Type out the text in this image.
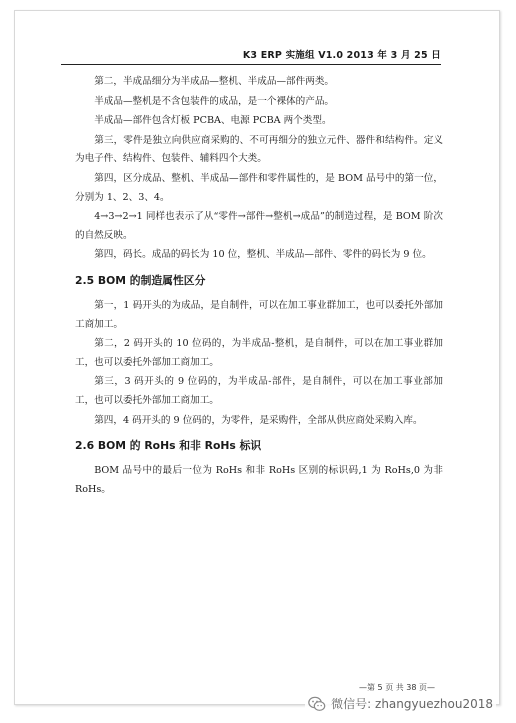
K3 ERP 实施组 V1.0 2013 年 3 月 25 日

第二，半成品细分为半成品—整机、半成品—部件两类。

半成品—整机是不含包装件的成品，是一个裸体的产品。

半成品—部件包含灯板 PCBA、电源 PCBA 两个类型。

第三，零件是独立向供应商采购的、不可再细分的独立元件、器件和结构件。定义为电子件、结构件、包装件、辅料四个大类。

第四，区分成品、整机、半成品—部件和零件属性的，是 BOM 品号中的第一位，分别为 1、2、3、4。

4→3→2→1 同样也表示了从“零件→部件→整机→成品”的制造过程，是 BOM 阶次的自然反映。

第四，码长。成品的码长为 10 位，整机、半成品—部件、零件的码长为 9 位。

2.5 BOM 的制造属性区分

第一，1 码开头的为成品，是自制件，可以在加工事业群加工，也可以委托外部加工商加工。

第二，2 码开头的 10 位码的，为半成品-整机，是自制件，可以在加工事业群加工，也可以委托外部加工商加工。

第三，3 码开头的 9 位码的，为半成品-部件，是自制件，可以在加工事业部加工，也可以委托外部加工商加工。

第四，4 码开头的 9 位码的，为零件，是采购件，全部从供应商处采购入库。

2.6 BOM 的 RoHs 和非 RoHs 标识

BOM 品号中的最后一位为 RoHs 和非 RoHs 区别的标识码,1 为 RoHs,0 为非 RoHs。

—第 5 页 共 38 页—
微信号: zhangyuezhou2018
